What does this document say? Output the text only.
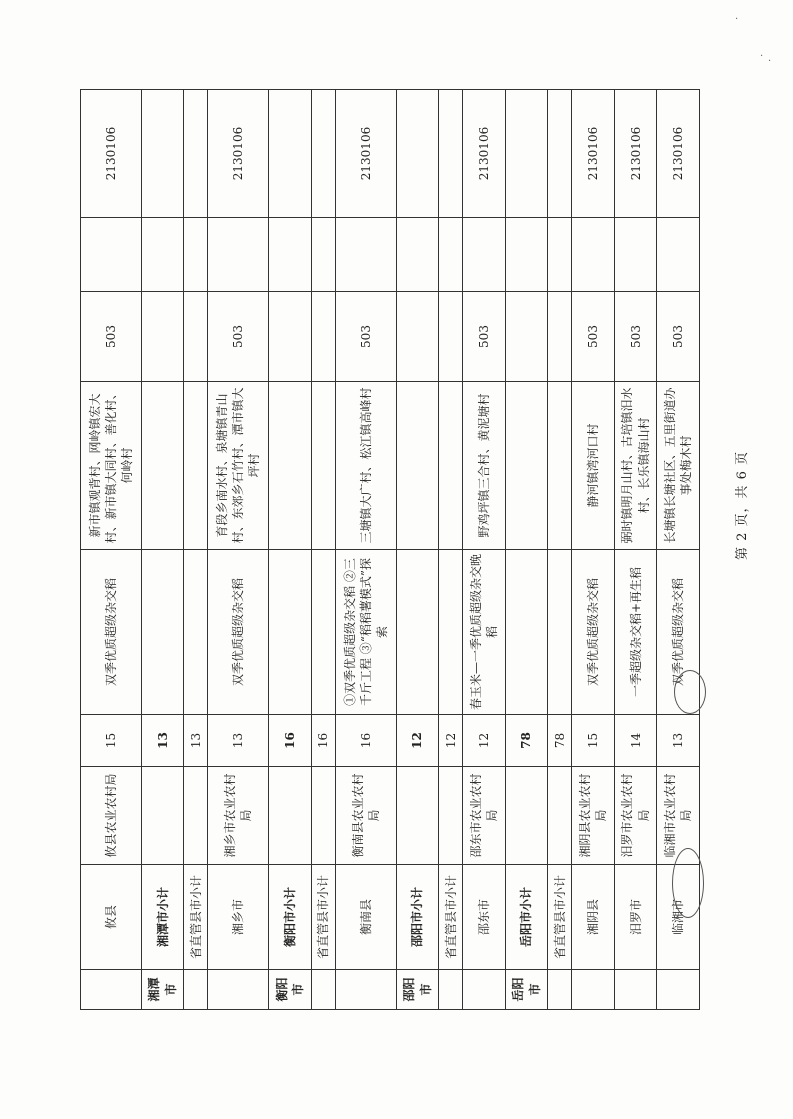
	攸县	攸县农业农村局	15	双季优质超级杂交稻	新市镇观背村、网岭镇宏大村、新市镇大同村、善化村、何岭村	503		2130106
湘潭市	湘潭市小计		13					
	省直管县市小计		13					
	湘乡市	湘乡市农业农村局	13	双季优质超级杂交稻	育段乡南水村、泉塘镇青山村、东郊乡石竹村、潭市镇大坪村	503		2130106
衡阳市	衡阳市小计		16					
	省直管县市小计		16					
	衡南县	衡南县农业农村局	16	①双季优质超级杂交稻 ②三千斤工程 ③“稻稻薯模式”探索	三塘镇大广村、松江镇高峰村	503		2130106
邵阳市	邵阳市小计		12					
	省直管县市小计		12					
	邵东市	邵东市农业农村局	12	春玉米—一季优质超级杂交晚稻	野鸡坪镇三合村、黄泥塘村	503		2130106
岳阳市	岳阳市小计		78					
	省直管县市小计		78					
	湘阴县	湘阴县农业农村局	15	双季优质超级杂交稻	静河镇湾河口村	503		2130106
	汨罗市	汨罗市农业农村局	14	一季超级杂交稻+再生稻	弼时镇明月山村、古培镇汨水村、长乐镇海山村	503		2130106
	临湘市	临湘市农业农村局	13	双季优质超级杂交稻	长塘镇长塘社区、五里街道办事处梅木村	503		2130106
第 2 页，共 6 页
·
.
·
